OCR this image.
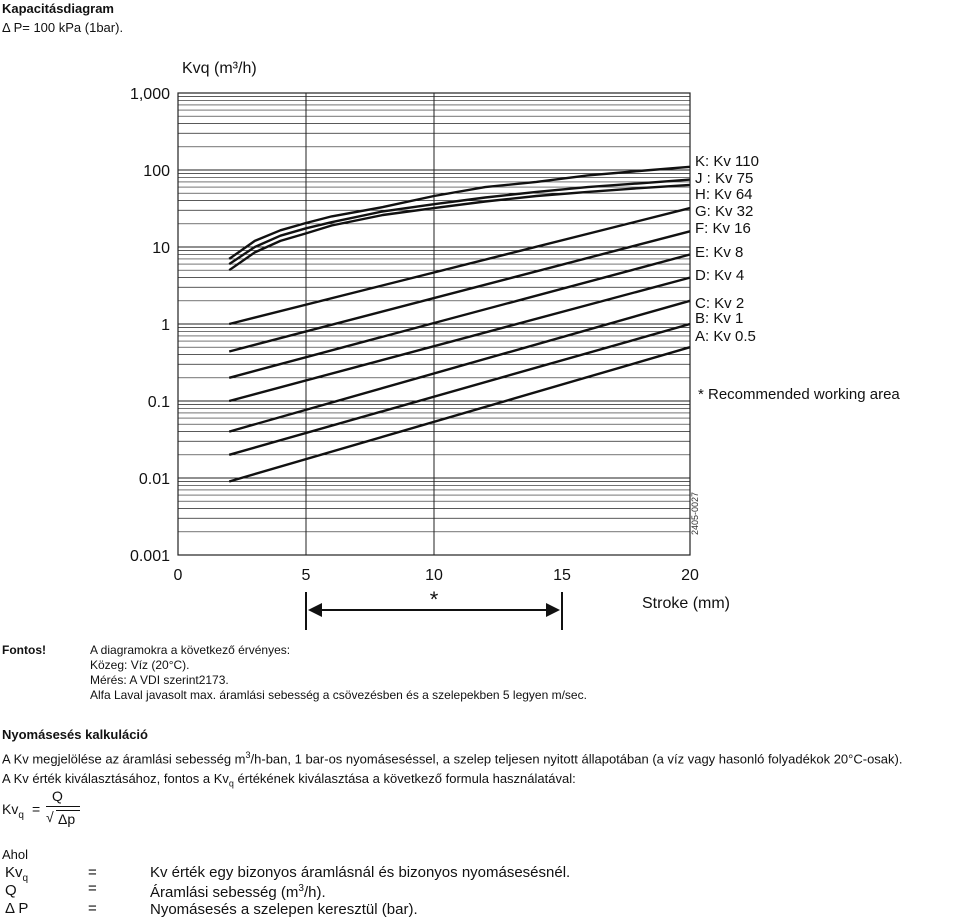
Kapacitásdiagram
Δ P= 100 kPa (1bar).
1,000
100
10
1
0.1
0.01
0.001
0	5	10	15	20
Kvq (m³/h)
Stroke (mm)
2405-0027
*
* Recommended working area
K: Kv 110
J : Kv 75
H: Kv 64
G: Kv 32
F: Kv 16
E: Kv 8
D: Kv 4
C: Kv 2
B: Kv 1
A: Kv 0.5
Fontos!	A diagramokra a következő érvényes:
Közeg: Víz (20°C).
Mérés: A VDI szerint2173.
Alfa Laval javasolt max. áramlási sebesség a csövezésben és a szelepekben 5 legyen m/sec.
Nyomásesés kalkuláció
A Kv megjelölése az áramlási sebesség $m^3/h$-ban, 1 bar-os nyomáseséssel, a szelep teljesen nyitott állapotában (a víz vagy hasonló folyadékok 20°C-osak).
A Kv érték kiválasztásához, fontos a $Kv_q$ értékének kiválasztása a következő formula használatával:
$Kv_q$ =
Q
√ Δp
Ahol
$Kv_q$	=	Kv érték egy bizonyos áramlásnál és bizonyos nyomásesésnél.
Q	=	Áramlási sebesség $(m^3/h)$.
Δ P	=	Nyomásesés a szelepen keresztül (bar).
